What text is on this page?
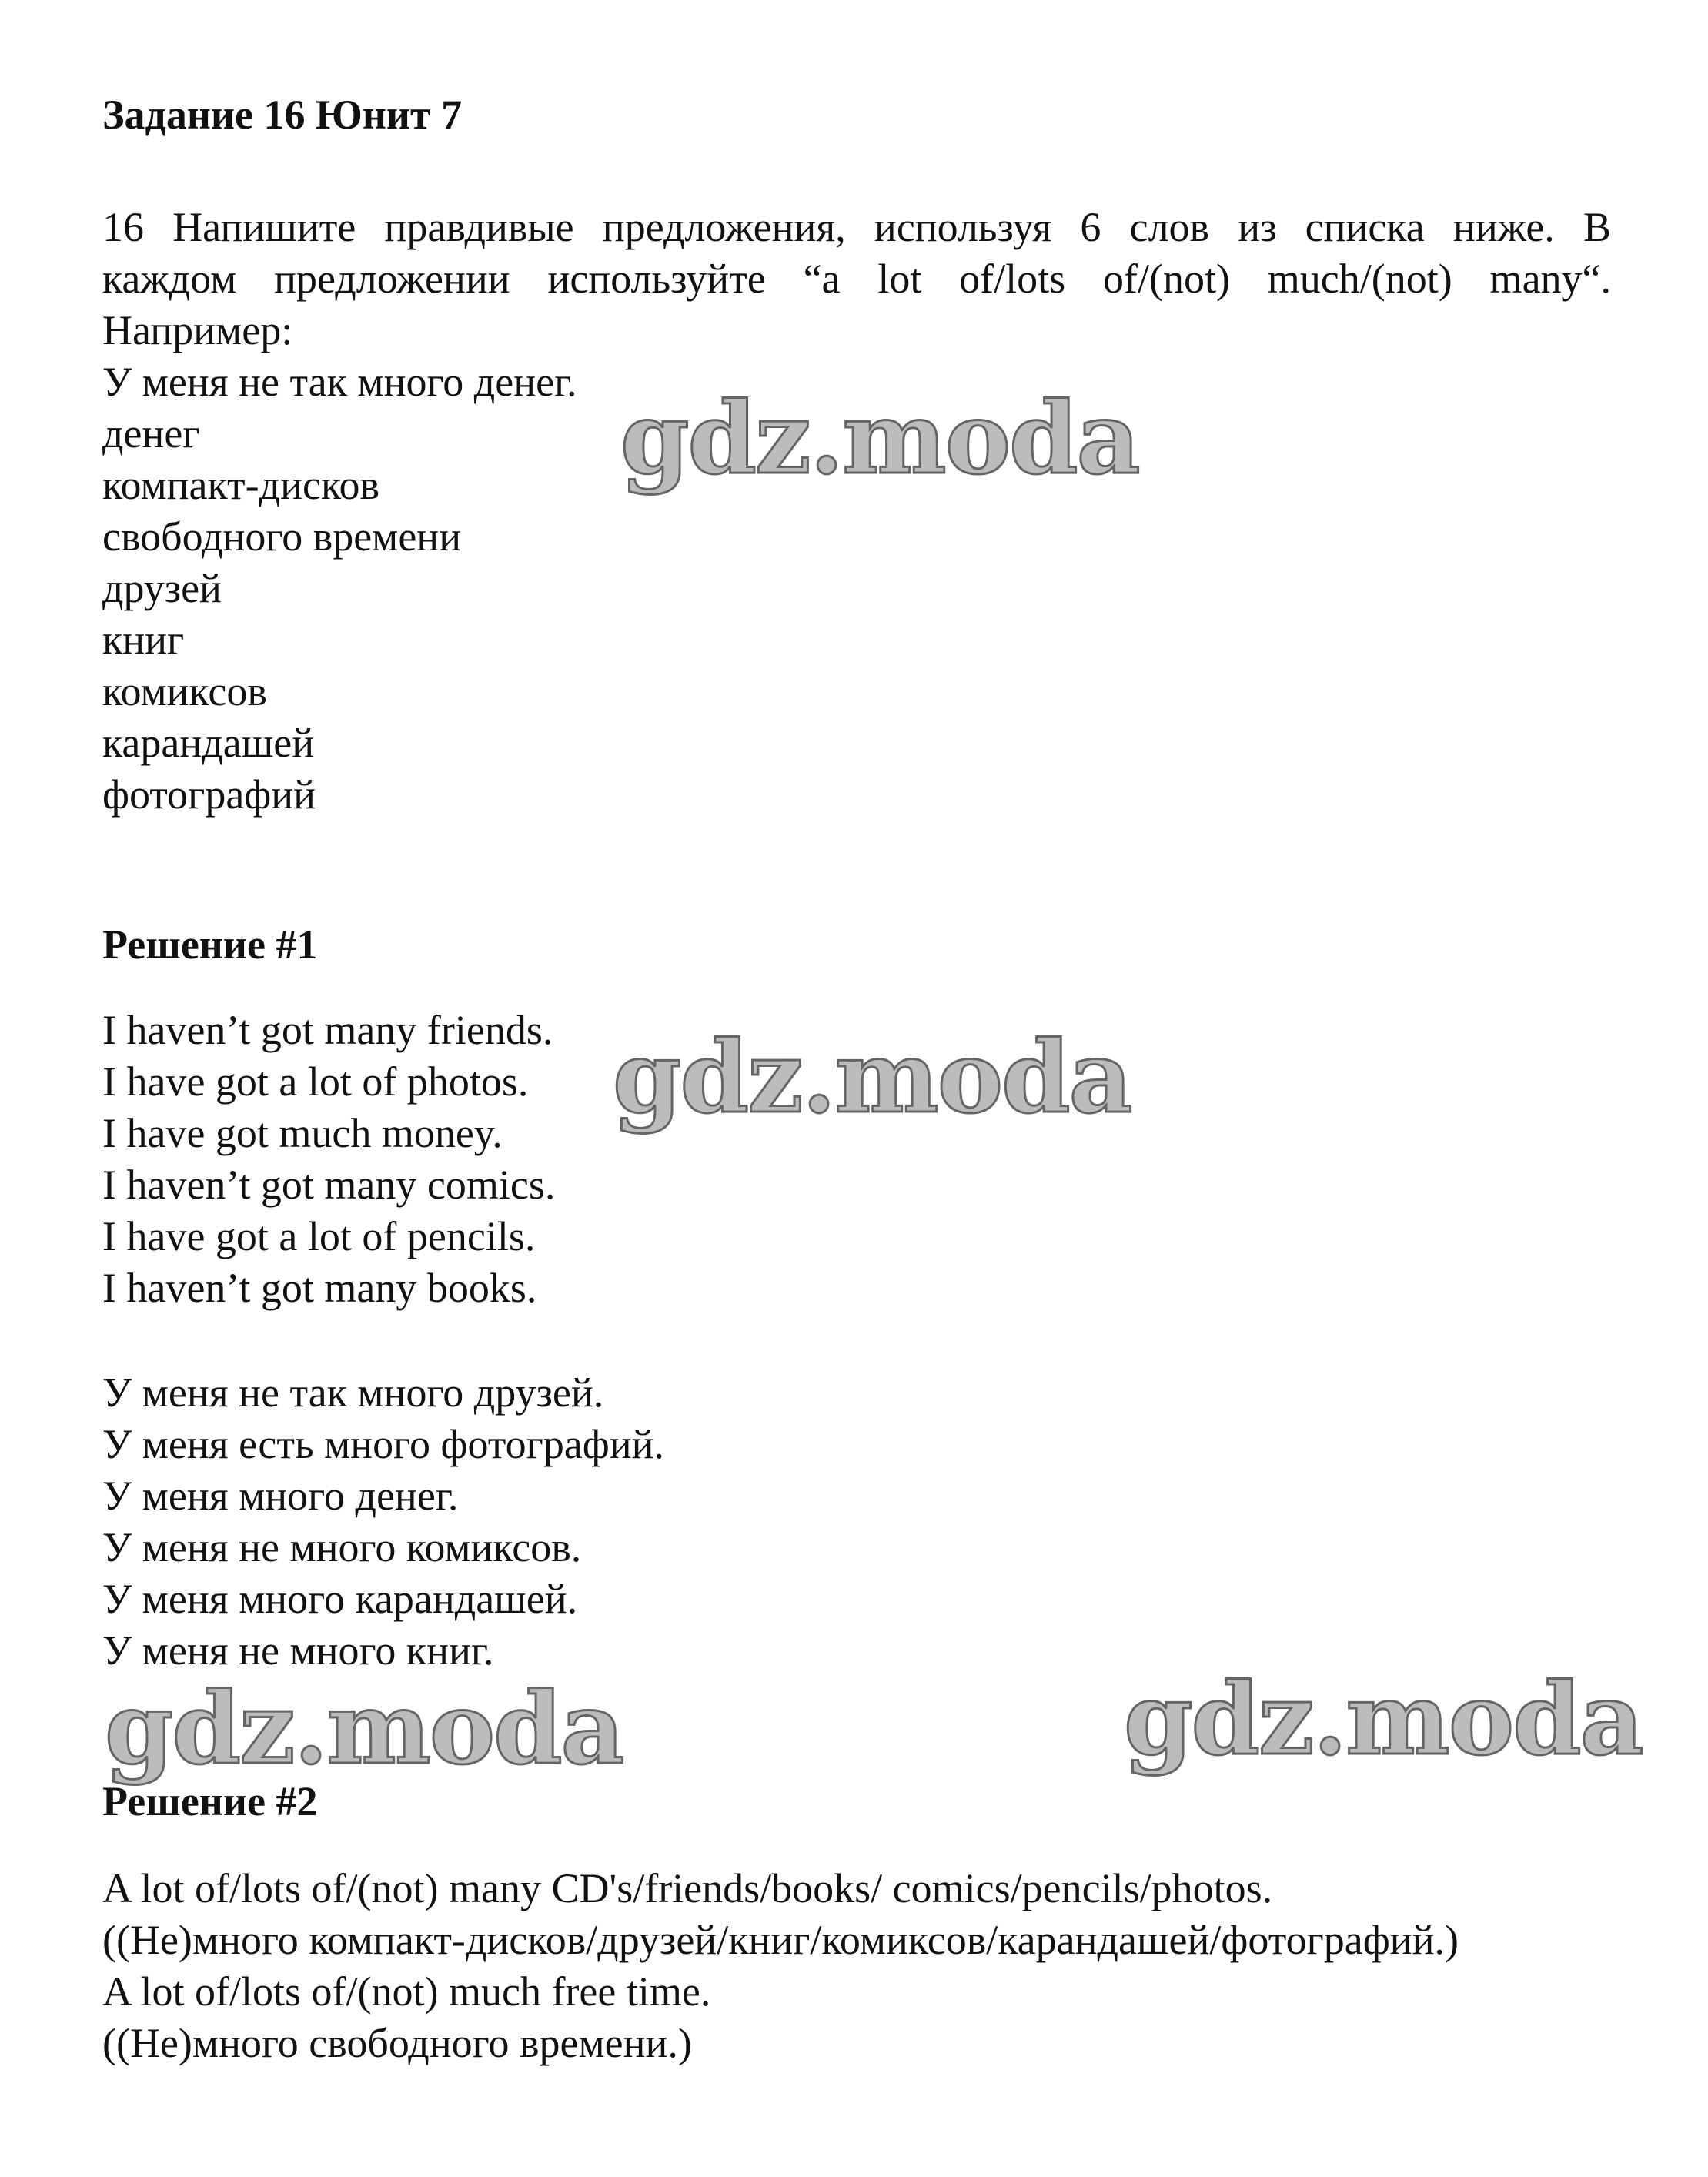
Задание 16 Юнит 7
16 Напишите правдивые предложения, используя 6 слов из списка ниже. В
каждом предложении используйте “a lot of/lots of/(not) much/(not) many“.
Например:
У меня не так много денег.
денег
компакт-дисков
свободного времени
друзей
книг
комиксов
карандашей
фотографий
Решение #1
I haven’t got many friends.
I have got a lot of photos.
I have got much money.
I haven’t got many comics.
I have got a lot of pencils.
I haven’t got many books.
У меня не так много друзей.
У меня есть много фотографий.
У меня много денег.
У меня не много комиксов.
У меня много карандашей.
У меня не много книг.
Решение #2
A lot of/lots of/(not) many CD's/friends/books/ comics/pencils/photos.
((Не)много компакт-дисков/друзей/книг/комиксов/карандашей/фотографий.)
A lot of/lots of/(not) much free time.
((Не)много свободного времени.)
gdz.moda
gdz.moda
gdz.moda	gdz.moda
